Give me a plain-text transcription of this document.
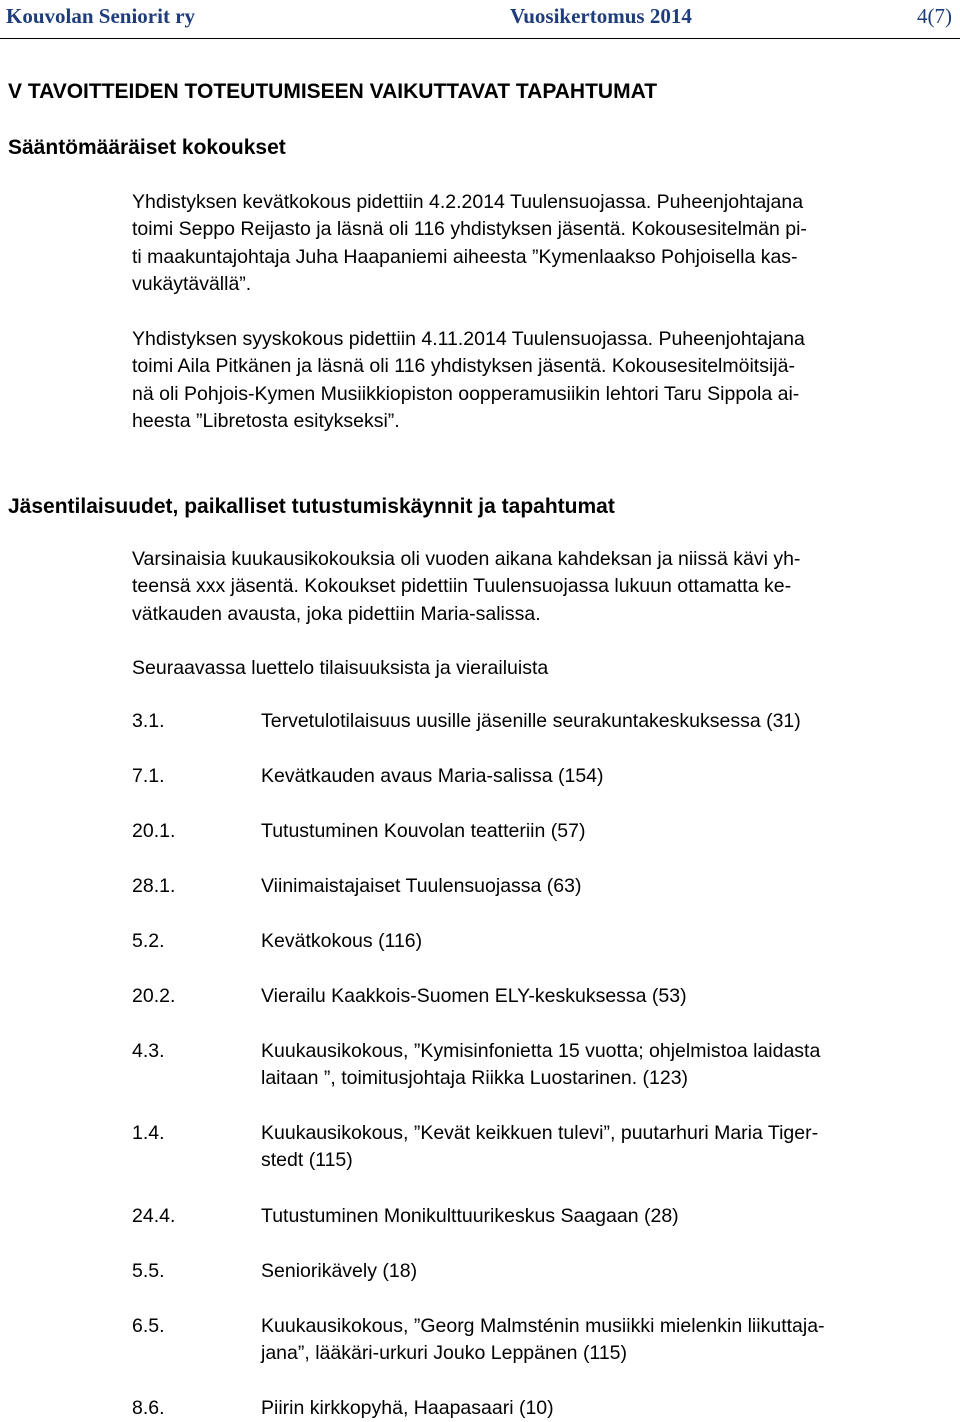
Kouvolan Seniorit ry	Vuosikertomus 2014	4(7)
V TAVOITTEIDEN TOTEUTUMISEEN VAIKUTTAVAT TAPAHTUMAT
Sääntömääräiset kokoukset
Yhdistyksen kevätkokous pidettiin 4.2.2014 Tuulensuojassa. Puheenjohtajana
toimi Seppo Reijasto ja läsnä oli 116 yhdistyksen jäsentä. Kokousesitelmän pi-
ti maakuntajohtaja Juha Haapaniemi aiheesta ”Kymenlaakso Pohjoisella kas-
vukäytävällä”.
Yhdistyksen syyskokous pidettiin 4.11.2014 Tuulensuojassa. Puheenjohtajana
toimi Aila Pitkänen ja läsnä oli 116 yhdistyksen jäsentä. Kokousesitelmöitsijä-
nä oli Pohjois-Kymen Musiikkiopiston oopperamusiikin lehtori Taru Sippola ai-
heesta ”Libretosta esitykseksi”.
Jäsentilaisuudet, paikalliset tutustumiskäynnit ja tapahtumat
Varsinaisia kuukausikokouksia oli vuoden aikana kahdeksan ja niissä kävi yh-
teensä xxx jäsentä. Kokoukset pidettiin Tuulensuojassa lukuun ottamatta ke-
vätkauden avausta, joka pidettiin Maria-salissa.
Seuraavassa luettelo tilaisuuksista ja vierailuista
3.1.	Tervetulotilaisuus uusille jäsenille seurakuntakeskuksessa (31)
7.1.	Kevätkauden avaus Maria-salissa (154)
20.1.	Tutustuminen Kouvolan teatteriin (57)
28.1.	Viinimaistajaiset Tuulensuojassa (63)
5.2.	Kevätkokous (116)
20.2.	Vierailu Kaakkois-Suomen ELY-keskuksessa (53)
4.3.	Kuukausikokous, ”Kymisinfonietta 15 vuotta; ohjelmistoa laidasta
laitaan ”, toimitusjohtaja Riikka Luostarinen. (123)
1.4.	Kuukausikokous, ”Kevät keikkuen tulevi”, puutarhuri Maria Tiger-
stedt (115)
24.4.	Tutustuminen Monikulttuurikeskus Saagaan (28)
5.5.	Seniorikävely (18)
6.5.	Kuukausikokous, ”Georg Malmsténin musiikki mielenkin liikuttaja-
jana”, lääkäri-urkuri Jouko Leppänen (115)
8.6.	Piirin kirkkopyhä, Haapasaari (10)
